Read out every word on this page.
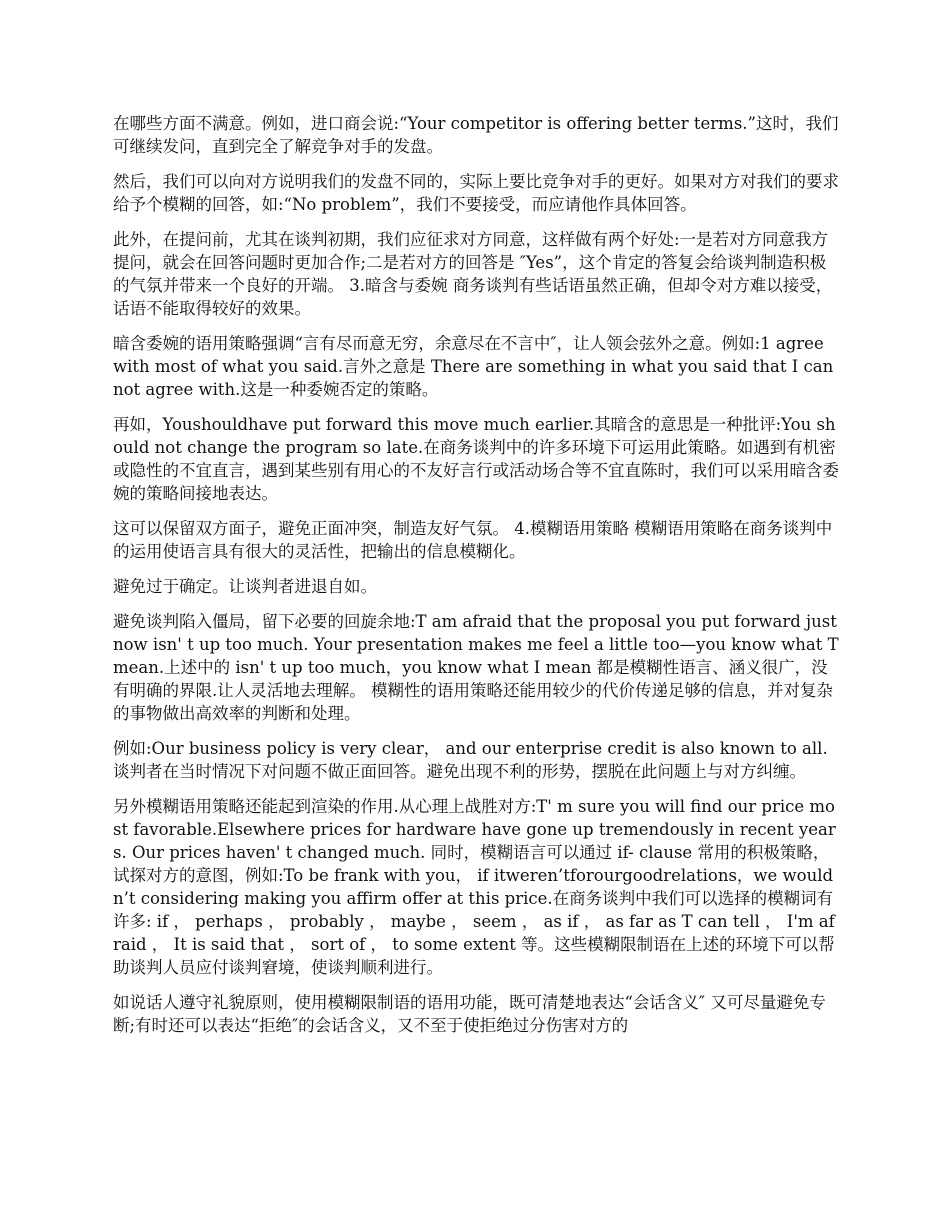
在哪些方面不满意。例如，进口商会说:“Your competitor is offering better terms.”这时，我们可继续发问，直到完全了解竞争对手的发盘。

然后，我们可以向对方说明我们的发盘不同的，实际上要比竞争对手的更好。如果对方对我们的要求给予个模糊的回答，如:“No problem”，我们不要接受，而应请他作具体回答。

此外，在提问前，尤其在谈判初期，我们应征求对方同意，这样做有两个好处:一是若对方同意我方提问，就会在回答问题时更加合作;二是若对方的回答是 ″Yes”，这个肯定的答复会给谈判制造积极的气氛并带来一个良好的开端。 3.暗含与委婉 商务谈判有些话语虽然正确，但却令对方难以接受，话语不能取得较好的效果。

暗含委婉的语用策略强调“言有尽而意无穷，余意尽在不言中″，让人领会弦外之意。例如:1 agree with most of what you said.言外之意是 There are something in what you said that I can not agree with.这是一种委婉否定的策略。

再如，Youshouldhave put forward this move much earlier.其暗含的意思是一种批评:You should not change the program so late.在商务谈判中的许多环境下可运用此策略。如遇到有机密或隐性的不宜直言，遇到某些别有用心的不友好言行或活动场合等不宜直陈时，我们可以采用暗含委婉的策略间接地表达。

这可以保留双方面子，避免正面冲突，制造友好气氛。 4.模糊语用策略 模糊语用策略在商务谈判中的运用使语言具有很大的灵活性，把输出的信息模糊化。

避免过于确定。让谈判者进退自如。

避免谈判陷入僵局，留下必要的回旋余地:T am afraid that the proposal you put forward just now isn' t up too much. Your presentation makes me feel a little too—you know what T mean.上述中的 isn' t up too much，you know what I mean 都是模糊性语言、涵义很广，没有明确的界限.让人灵活地去理解。 模糊性的语用策略还能用较少的代价传递足够的信息，并对复杂的事物做出高效率的判断和处理。

例如:Our business policy is very clear， and our enterprise credit is also known to all.谈判者在当时情况下对问题不做正面回答。避免出现不利的形势，摆脱在此问题上与对方纠缠。

另外模糊语用策略还能起到渲染的作用.从心理上战胜对方:T' m sure you will find our price most favorable.Elsewhere prices for hardware have gone up tremendously in recent years. Our prices haven' t changed much. 同时，模糊语言可以通过 if- clause 常用的积极策略，试探对方的意图，例如:To be frank with you， if itweren’tforourgoodrelations，we wouldn’t considering making you affirm offer at this price.在商务谈判中我们可以选择的模糊词有许多: if ， perhaps ， probably ， maybe ， seem ， as if ， as far as T can tell ， I'm afraid ， It is said that ， sort of ， to some extent 等。这些模糊限制语在上述的环境下可以帮助谈判人员应付谈判窘境，使谈判顺利进行。

如说话人遵守礼貌原则，使用模糊限制语的语用功能，既可清楚地表达“会话含义″ 又可尽量避免专断;有时还可以表达“拒绝″的会话含义，又不至于使拒绝过分伤害对方的
